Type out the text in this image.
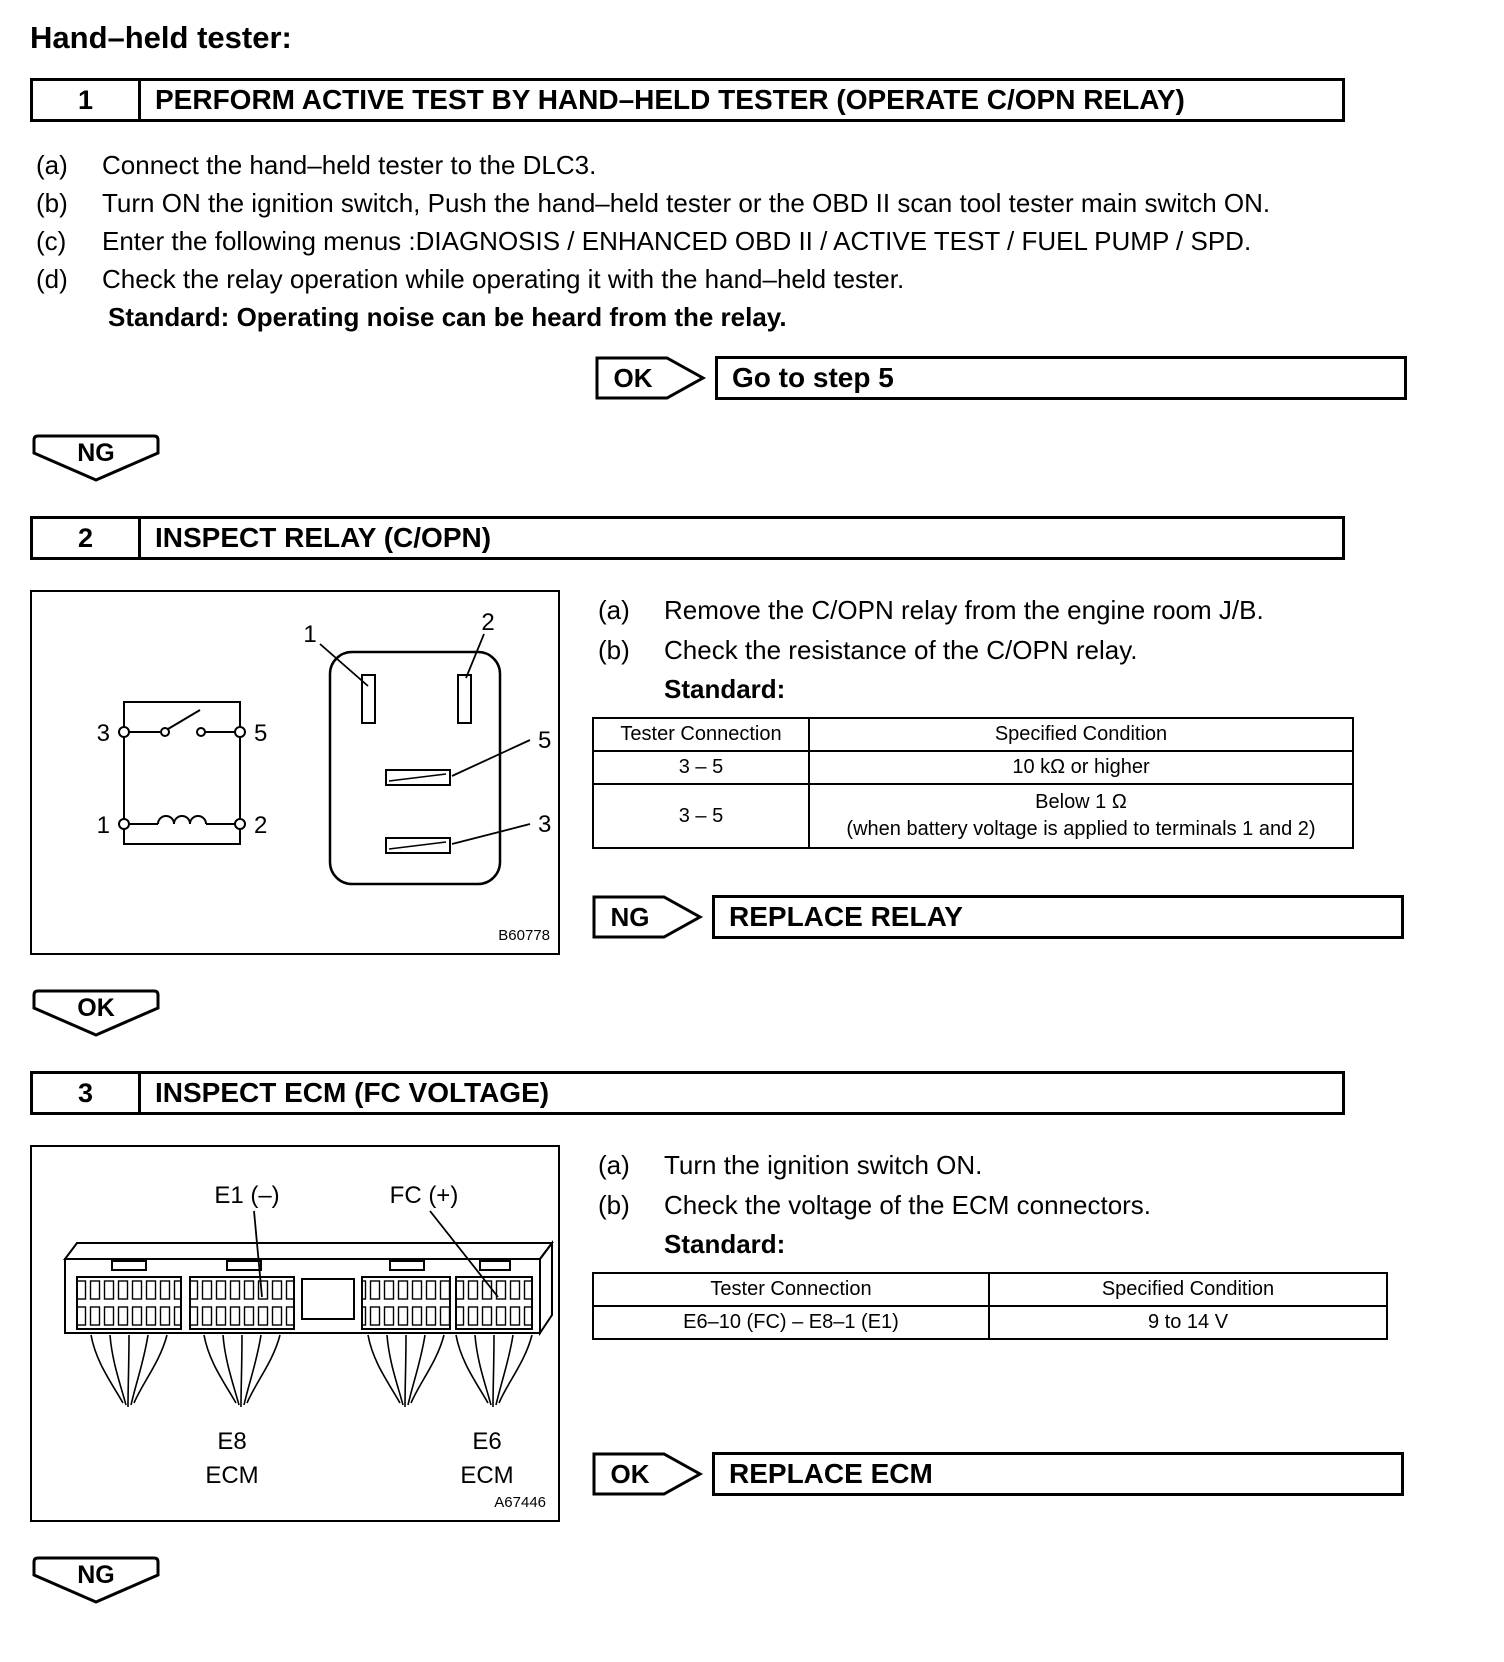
Hand–held tester:
1	PERFORM ACTIVE TEST BY HAND–HELD TESTER (OPERATE C/OPN RELAY)
(a)	Connect the hand–held tester to the DLC3.
(b)	Turn ON the ignition switch, Push the hand–held tester or the OBD II scan tool tester main switch ON.
(c)	Enter the following menus :DIAGNOSIS / ENHANCED OBD II / ACTIVE TEST / FUEL PUMP / SPD.
(d)	Check the relay operation while operating it with the hand–held tester.
Standard: Operating noise can be heard from the relay.
OK	Go to step 5
NG
2	INSPECT RELAY (C/OPN)
1	2
5
3
3	5
1	2
B60778
(a)	Remove the C/OPN relay from the engine room J/B.
(b)	Check the resistance of the C/OPN relay.
Standard:
Tester Connection	Specified Condition
3 – 5	10 kΩ or higher
3 – 5	Below 1 Ω
(when battery voltage is applied to terminals 1 and 2)
NG	REPLACE RELAY
OK
3	INSPECT ECM (FC VOLTAGE)
E1 (–)	FC (+)
E8
ECM
E6
ECM
A67446
(a)	Turn the ignition switch ON.
(b)	Check the voltage of the ECM connectors.
Standard:
Tester Connection	Specified Condition
E6–10 (FC) – E8–1 (E1)	9 to 14 V
OK	REPLACE ECM
NG
